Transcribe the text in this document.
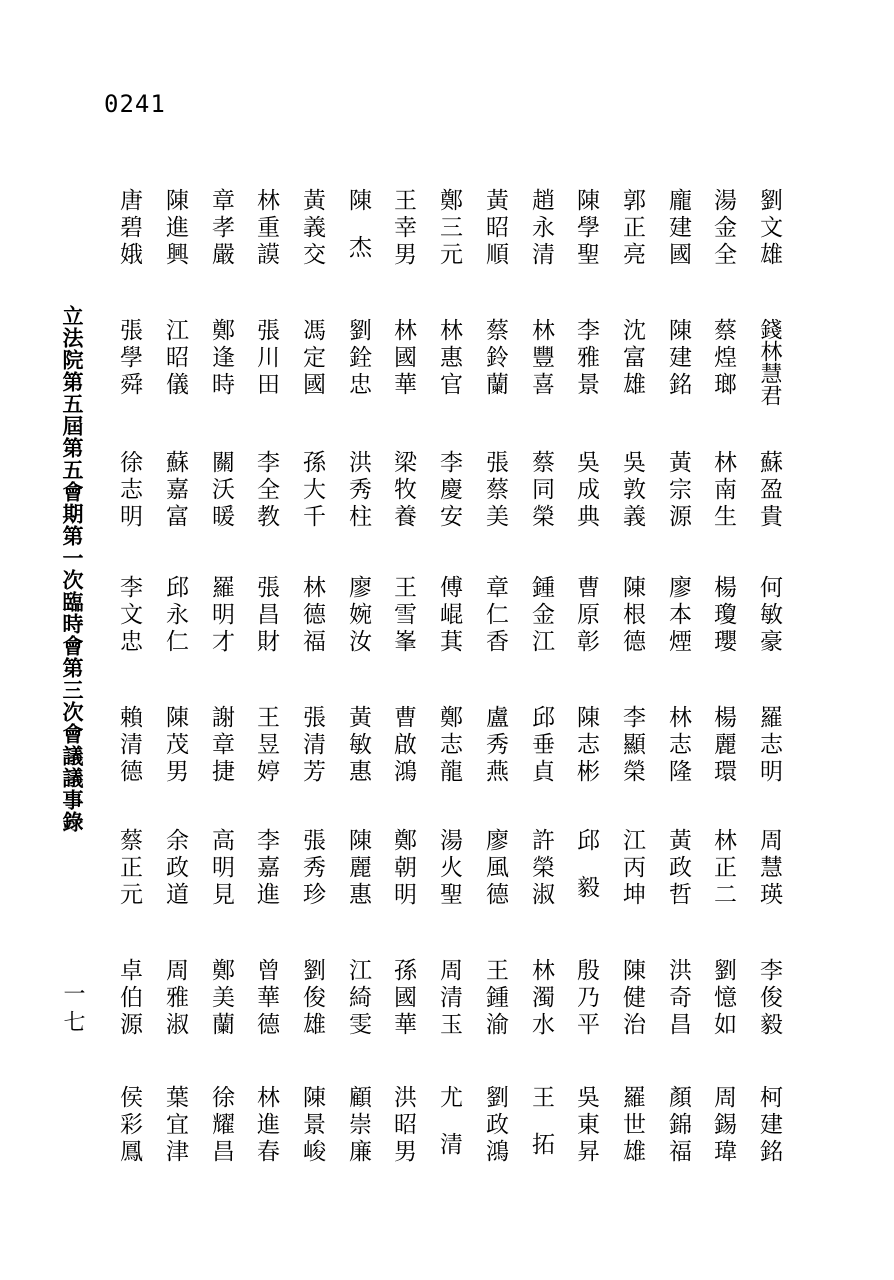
0241
立法院第五屆第五會期第一次臨時會第三次會議議事錄
一七
劉文雄
錢林慧君
蘇盈貴
何敏豪
羅志明
周慧瑛
李俊毅
柯建銘
湯金全
蔡煌瑯
林南生
楊瓊瓔
楊麗環
林正二
劉憶如
周錫瑋
龐建國
陳建銘
黃宗源
廖本煙
林志隆
黃政哲
洪奇昌
顏錦福
郭正亮
沈富雄
吳敦義
陳根德
李顯榮
江丙坤
陳健治
羅世雄
陳學聖
李雅景
吳成典
曹原彰
陳志彬
邱毅
殷乃平
吳東昇
趙永清
林豐喜
蔡同榮
鍾金江
邱垂貞
許榮淑
林濁水
王拓
黃昭順
蔡鈴蘭
張蔡美
章仁香
盧秀燕
廖風德
王鍾渝
劉政鴻
鄭三元
林惠官
李慶安
傅崐萁
鄭志龍
湯火聖
周清玉
尤清
王幸男
林國華
梁牧養
王雪峯
曹啟鴻
鄭朝明
孫國華
洪昭男
陳杰
劉銓忠
洪秀柱
廖婉汝
黃敏惠
陳麗惠
江綺雯
顧崇廉
黃義交
馮定國
孫大千
林德福
張清芳
張秀珍
劉俊雄
陳景峻
林重謨
張川田
李全教
張昌財
王昱婷
李嘉進
曾華德
林進春
章孝嚴
鄭逢時
關沃暖
羅明才
謝章捷
高明見
鄭美蘭
徐耀昌
陳進興
江昭儀
蘇嘉富
邱永仁
陳茂男
余政道
周雅淑
葉宜津
唐碧娥
張學舜
徐志明
李文忠
賴清德
蔡正元
卓伯源
侯彩鳳
